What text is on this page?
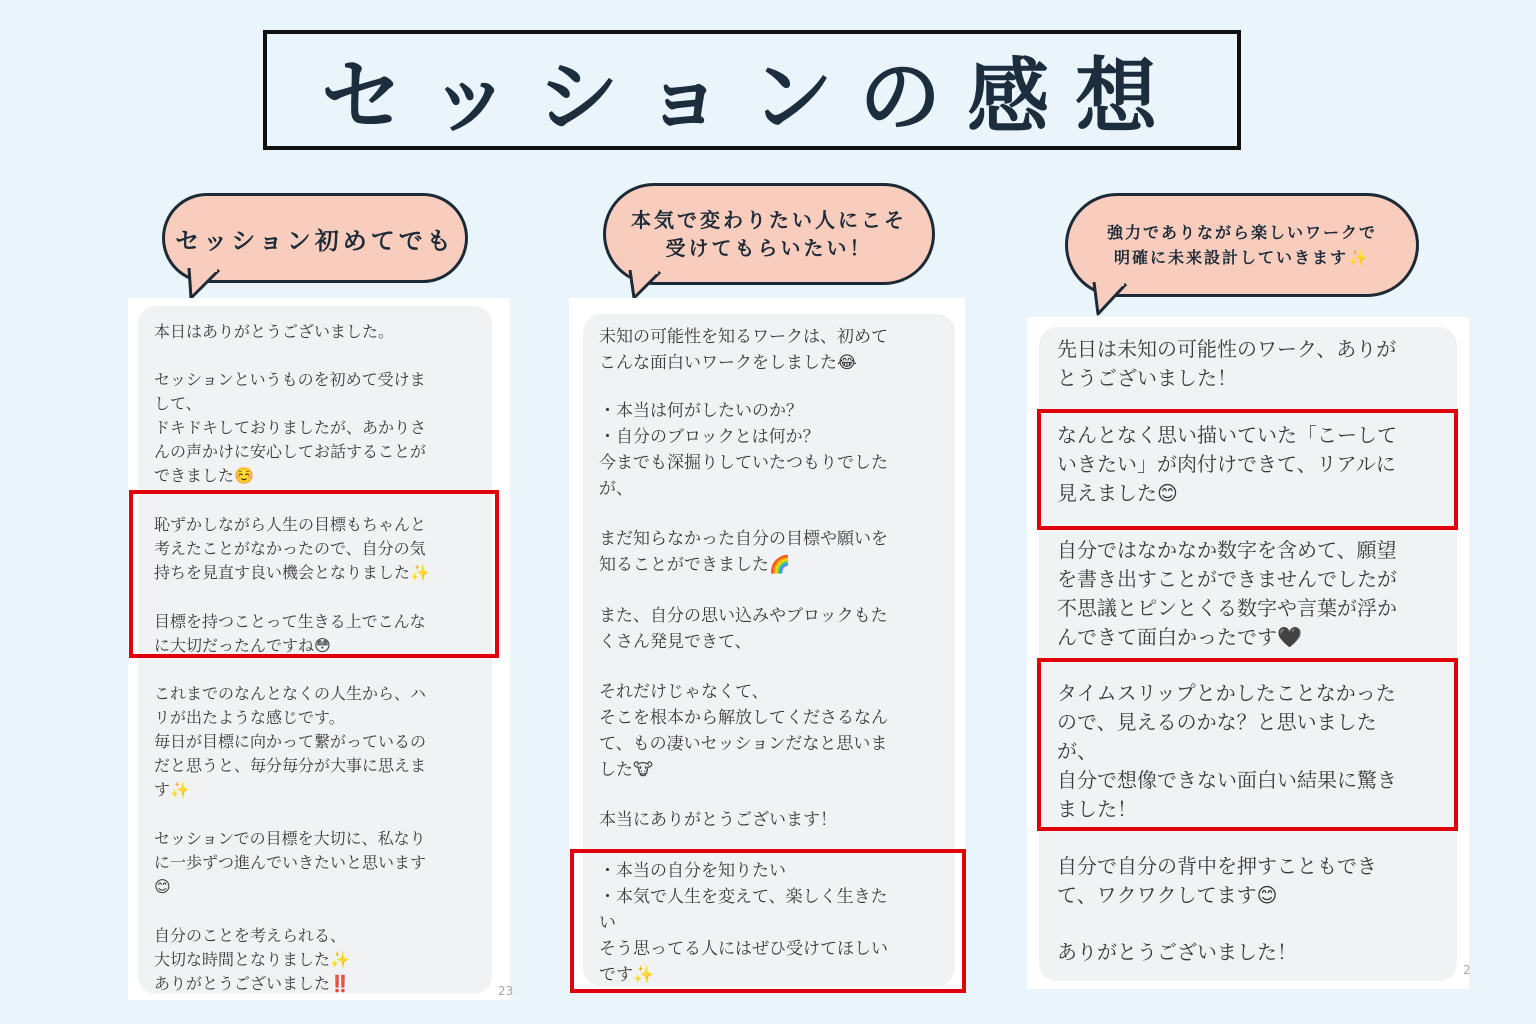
セッションの感想
セッション初めてでも
本気で変わりたい人にこそ
受けてもらいたい！
強力でありながら楽しいワークで
明確に未来設計していきます✨
本日はありがとうございました。
セッションというものを初めて受けま
して、
ドキドキしておりましたが、あかりさ
んの声かけに安心してお話することが
できました☺️
恥ずかしながら人生の目標もちゃんと
考えたことがなかったので、自分の気
持ちを見直す良い機会となりました✨
目標を持つことって生きる上でこんな
に大切だったんですね😳
これまでのなんとなくの人生から、ハ
リが出たような感じです。
毎日が目標に向かって繋がっているの
だと思うと、毎分毎分が大事に思えま
す✨
セッションでの目標を大切に、私なり
に一歩ずつ進んでいきたいと思います
😊
自分のことを考えられる、
大切な時間となりました✨
ありがとうございました‼️	23
未知の可能性を知るワークは、初めて
こんな面白いワークをしました😂
・本当は何がしたいのか？
・自分のブロックとは何か？
今までも深掘りしていたつもりでした
が、
まだ知らなかった自分の目標や願いを
知ることができました🌈
また、自分の思い込みやブロックもた
くさん発見できて、
それだけじゃなくて、
そこを根本から解放してくださるなん
て、もの凄いセッションだなと思いま
した🐮
本当にありがとうございます！
・本当の自分を知りたい
・本気で人生を変えて、楽しく生きた
い
そう思ってる人にはぜひ受けてほしい
です✨
先日は未知の可能性のワーク、ありが
とうございました！
なんとなく思い描いていた「こーして
いきたい」が肉付けできて、リアルに
見えました😊
自分ではなかなか数字を含めて、願望
を書き出すことができませんでしたが
不思議とピンとくる数字や言葉が浮か
んできて面白かったです🖤
タイムスリップとかしたことなかった
ので、見えるのかな？と思いました
が、
自分で想像できない面白い結果に驚き
ました！
自分で自分の背中を押すこともでき
て、ワクワクしてます😊
ありがとうございました！
2
